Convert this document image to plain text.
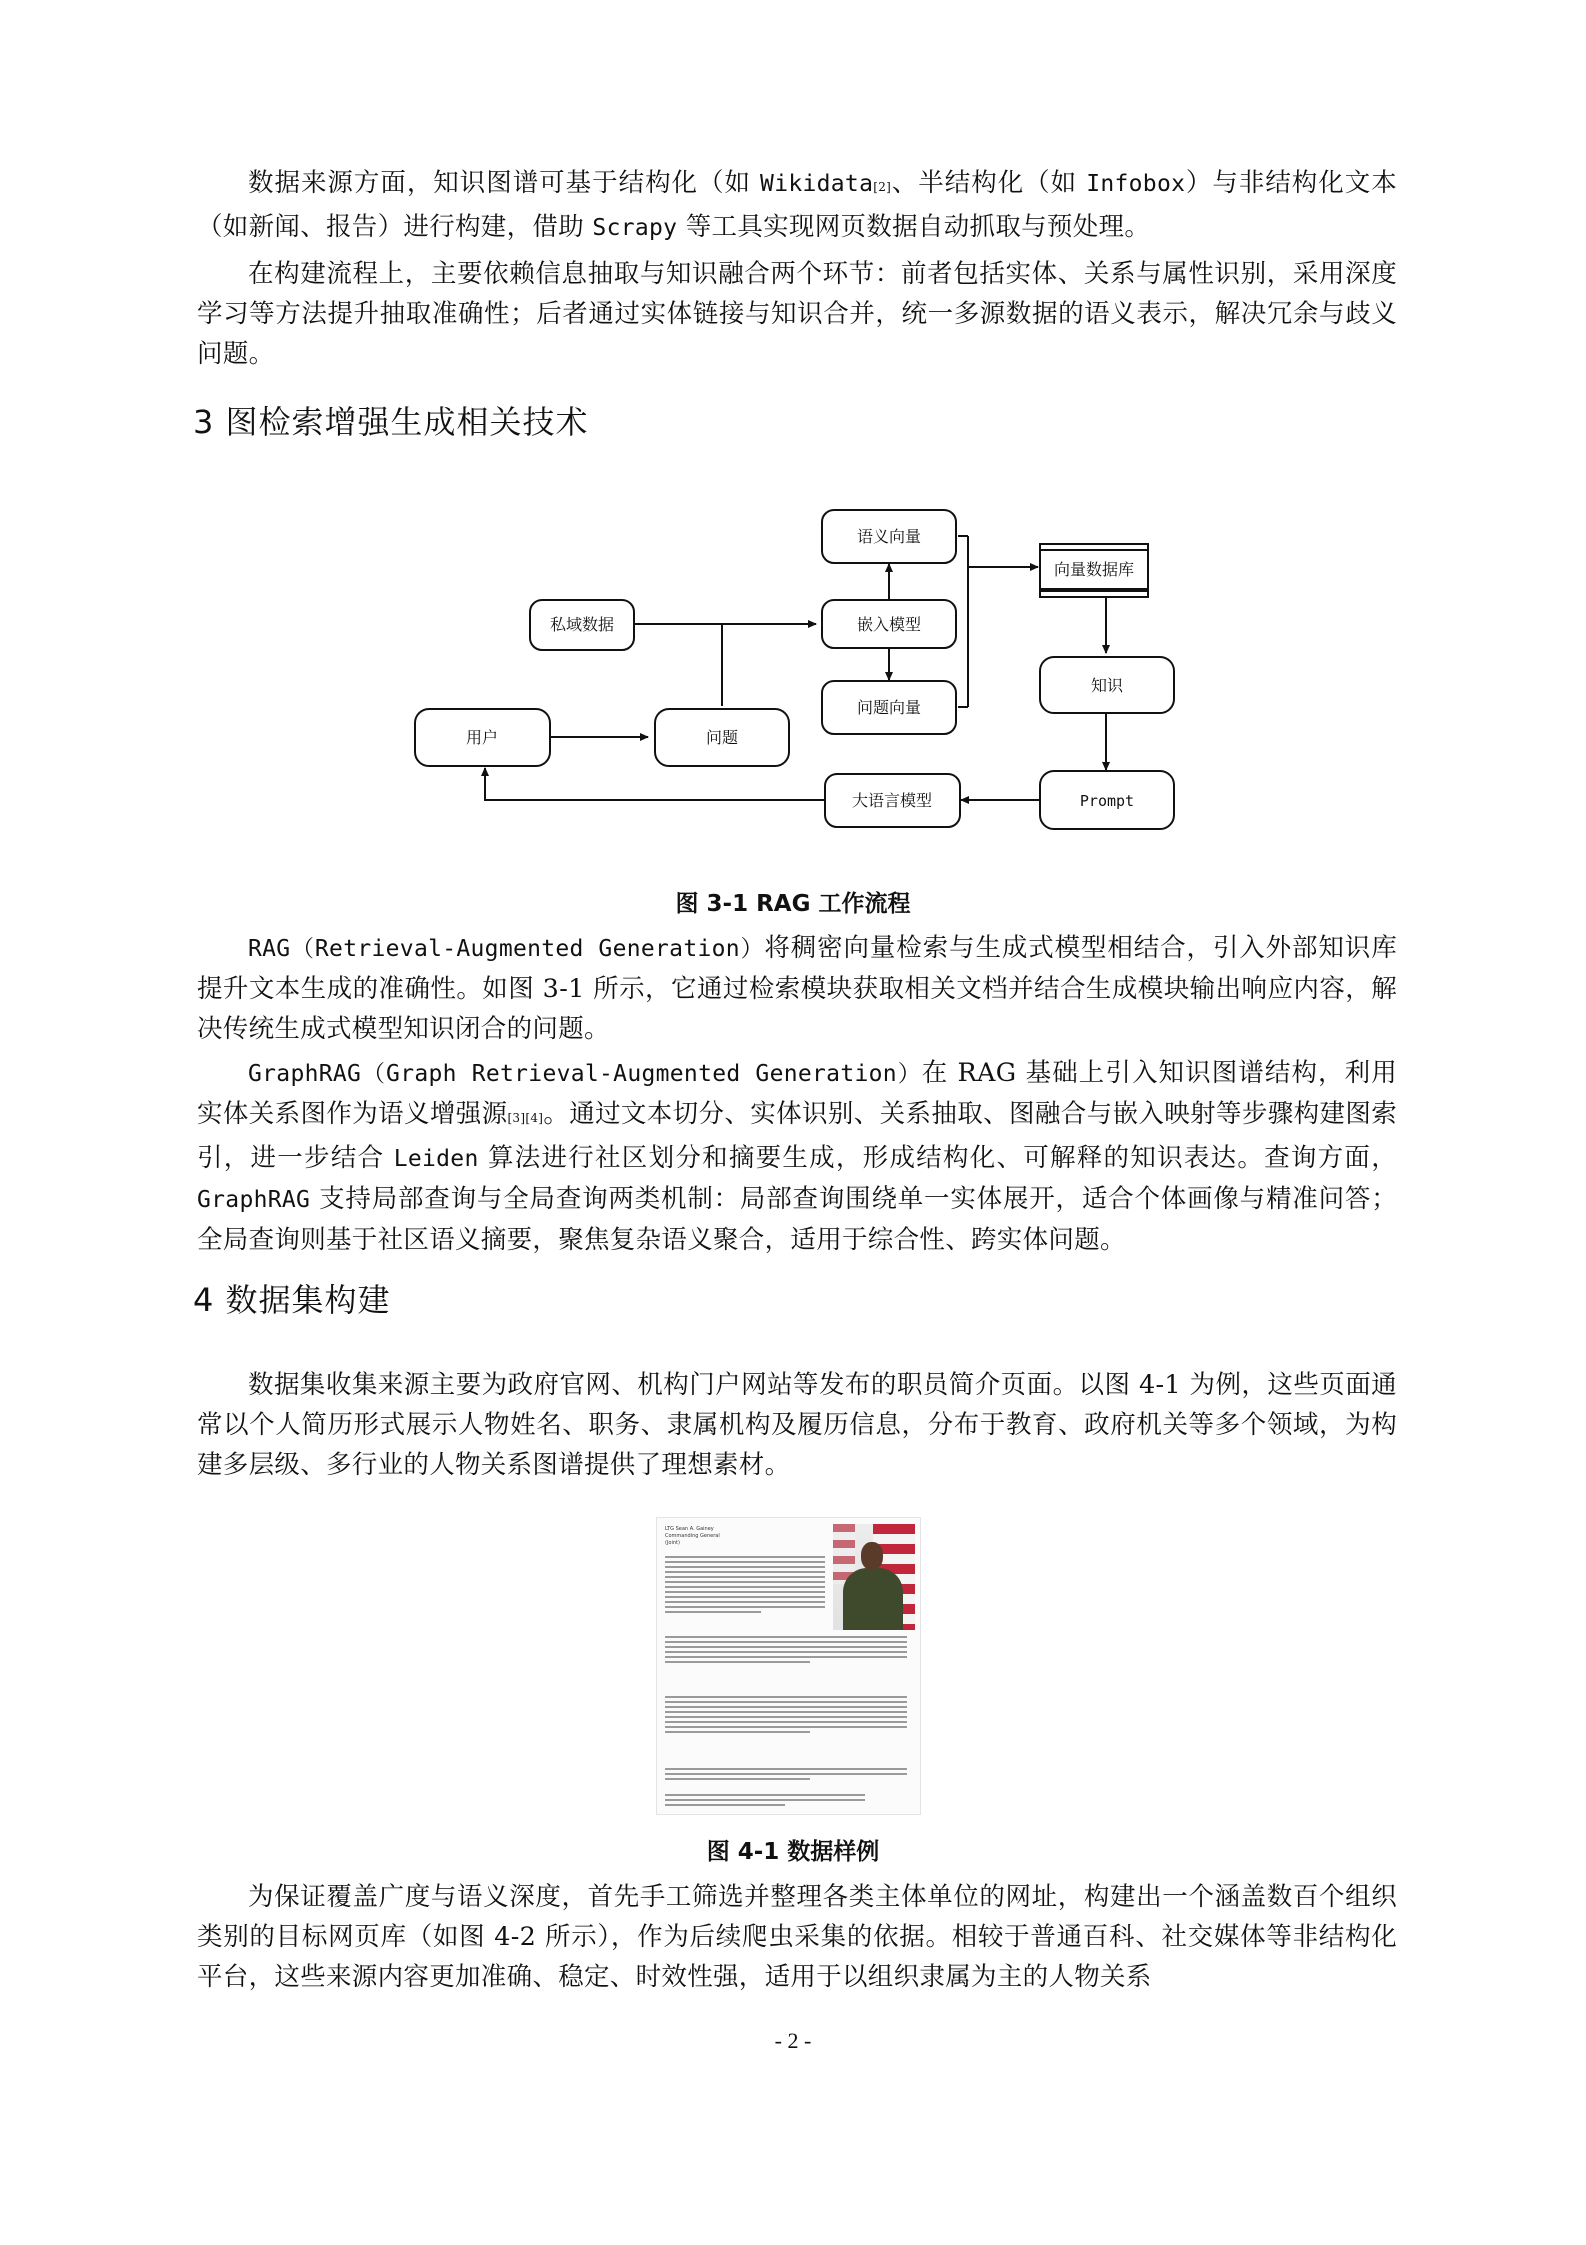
数据来源方面，知识图谱可基于结构化（如 Wikidata[2]、半结构化（如 Infobox）与非结构化文本（如新闻、报告）进行构建，借助 Scrapy 等工具实现网页数据自动抓取与预处理。

在构建流程上，主要依赖信息抽取与知识融合两个环节：前者包括实体、关系与属性识别，采用深度学习等方法提升抽取准确性；后者通过实体链接与知识合并，统一多源数据的语义表示，解决冗余与歧义问题。

3 图检索增强生成相关技术
私域数据
语义向量
嵌入模型
问题向量
向量数据库
知识
用户	问题
大语言模型	Prompt

图 3-1 RAG 工作流程

RAG（Retrieval-Augmented Generation）将稠密向量检索与生成式模型相结合，引入外部知识库提升文本生成的准确性。如图 3-1 所示，它通过检索模块获取相关文档并结合生成模块输出响应内容，解决传统生成式模型知识闭合的问题。

GraphRAG（Graph Retrieval-Augmented Generation）在 RAG 基础上引入知识图谱结构，利用实体关系图作为语义增强源[3][4]。通过文本切分、实体识别、关系抽取、图融合与嵌入映射等步骤构建图索引，进一步结合 Leiden 算法进行社区划分和摘要生成，形成结构化、可解释的知识表达。查询方面，GraphRAG 支持局部查询与全局查询两类机制：局部查询围绕单一实体展开，适合个体画像与精准问答；全局查询则基于社区语义摘要，聚焦复杂语义聚合，适用于综合性、跨实体问题。

4 数据集构建

数据集收集来源主要为政府官网、机构门户网站等发布的职员简介页面。以图 4-1 为例，这些页面通常以个人简历形式展示人物姓名、职务、隶属机构及履历信息，分布于教育、政府机关等多个领域，为构建多层级、多行业的人物关系图谱提供了理想素材。

LTG Sean A. Gainey
Commanding General
(Joint)

图 4-1 数据样例

为保证覆盖广度与语义深度，首先手工筛选并整理各类主体单位的网址，构建出一个涵盖数百个组织类别的目标网页库（如图 4-2 所示），作为后续爬虫采集的依据。相较于普通百科、社交媒体等非结构化平台，这些来源内容更加准确、稳定、时效性强，适用于以组织隶属为主的人物关系

- 2 -
